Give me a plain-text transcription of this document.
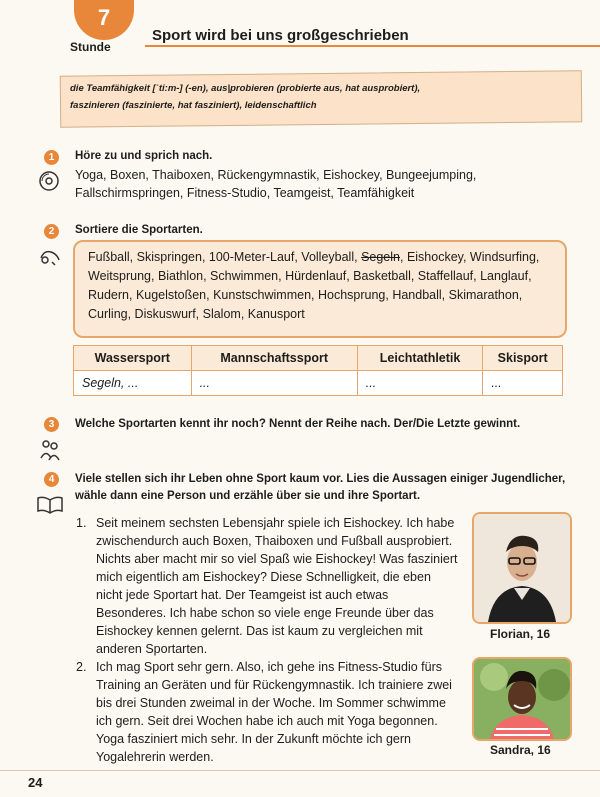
7
Stunde
Sport wird bei uns großgeschrieben
die Teamfähigkeit [ˈti:m-] (-en), aus|probieren (probierte aus, hat ausprobiert),
faszinieren (faszinierte, hat fasziniert), leidenschaftlich
1	Höre zu und sprich nach.
Yoga, Boxen, Thaiboxen, Rückengymnastik, Eishockey, Bungeejumping, Fallschirmspringen, Fitness-Studio, Teamgeist, Teamfähigkeit
2	Sortiere die Sportarten.
Fußball, Skispringen, 100-Meter-Lauf, Volleyball, Segeln, Eishockey, Windsurfing, Weitsprung, Biathlon, Schwimmen, Hürdenlauf, Basketball, Staffellauf, Langlauf, Rudern, Kugelstoßen, Kunstschwimmen, Hochsprung, Handball, Skimarathon, Curling, Diskuswurf, Slalom, Kanusport
Wassersport	Mannschaftssport	Leichtathletik	Skisport
Segeln, ...	...	...	...
3	Welche Sportarten kennt ihr noch? Nennt der Reihe nach. Der/Die Letzte gewinnt.
4	Viele stellen sich ihr Leben ohne Sport kaum vor. Lies die Aussagen einiger Jugendlicher, wähle dann eine Person und erzähle über sie und ihre Sportart.
1. Seit meinem sechsten Lebensjahr spiele ich Eishockey. Ich habe zwischendurch auch Boxen, Thaiboxen und Fußball ausprobiert. Nichts aber macht mir so viel Spaß wie Eishockey! Was fasziniert mich eigentlich am Eishockey? Diese Schnelligkeit, die eben nicht jede Sportart hat. Der Teamgeist ist auch etwas Besonderes. Ich habe schon so viele enge Freunde über das Eishockey kennen gelernt. Das ist kaum zu vergleichen mit anderen Sportarten.
Florian, 16
2. Ich mag Sport sehr gern. Also, ich gehe ins Fitness-Studio fürs Training an Geräten und für Rückengymnastik. Ich trainiere zwei bis drei Stunden zweimal in der Woche. Im Sommer schwimme ich gern. Seit drei Wochen habe ich auch mit Yoga begonnen. Yoga fasziniert mich sehr. In der Zukunft möchte ich gern Yogalehrerin werden.	Sandra, 16
24
